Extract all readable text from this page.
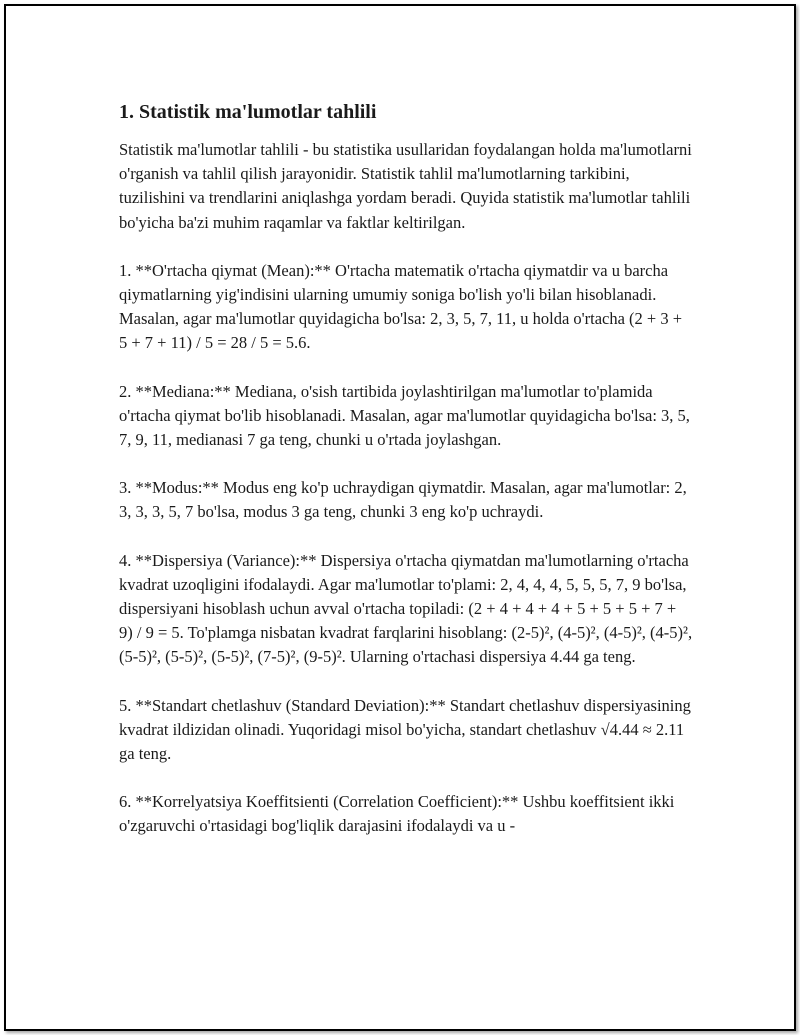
1. Statistik ma'lumotlar tahlili

Statistik ma'lumotlar tahlili - bu statistika usullaridan foydalangan holda ma'lumotlarni o'rganish va tahlil qilish jarayonidir. Statistik tahlil ma'lumotlarning tarkibini, tuzilishini va trendlarini aniqlashga yordam beradi. Quyida statistik ma'lumotlar tahlili bo'yicha ba'zi muhim raqamlar va faktlar keltirilgan.

1. **O'rtacha qiymat (Mean):** O'rtacha matematik o'rtacha qiymatdir va u barcha qiymatlarning yig'indisini ularning umumiy soniga bo'lish yo'li bilan hisoblanadi. Masalan, agar ma'lumotlar quyidagicha bo'lsa: 2, 3, 5, 7, 11, u holda o'rtacha (2 + 3 + 5 + 7 + 11) / 5 = 28 / 5 = 5.6.

2. **Mediana:** Mediana, o'sish tartibida joylashtirilgan ma'lumotlar to'plamida o'rtacha qiymat bo'lib hisoblanadi. Masalan, agar ma'lumotlar quyidagicha bo'lsa: 3, 5, 7, 9, 11, medianasi 7 ga teng, chunki u o'rtada joylashgan.

3. **Modus:** Modus eng ko'p uchraydigan qiymatdir. Masalan, agar ma'lumotlar: 2, 3, 3, 3, 5, 7 bo'lsa, modus 3 ga teng, chunki 3 eng ko'p uchraydi.

4. **Dispersiya (Variance):** Dispersiya o'rtacha qiymatdan ma'lumotlarning o'rtacha kvadrat uzoqligini ifodalaydi. Agar ma'lumotlar to'plami: 2, 4, 4, 4, 5, 5, 5, 7, 9 bo'lsa, dispersiyani hisoblash uchun avval o'rtacha topiladi: (2 + 4 + 4 + 4 + 5 + 5 + 5 + 7 + 9) / 9 = 5. To'plamga nisbatan kvadrat farqlarini hisoblang: (2-5)², (4-5)², (4-5)², (4-5)², (5-5)², (5-5)², (5-5)², (7-5)², (9-5)². Ularning o'rtachasi dispersiya 4.44 ga teng.

5. **Standart chetlashuv (Standard Deviation):** Standart chetlashuv dispersiyasining kvadrat ildizidan olinadi. Yuqoridagi misol bo'yicha, standart chetlashuv √4.44 ≈ 2.11 ga teng.

6. **Korrelyatsiya Koeffitsienti (Correlation Coefficient):** Ushbu koeffitsient ikki o'zgaruvchi o'rtasidagi bog'liqlik darajasini ifodalaydi va u -
